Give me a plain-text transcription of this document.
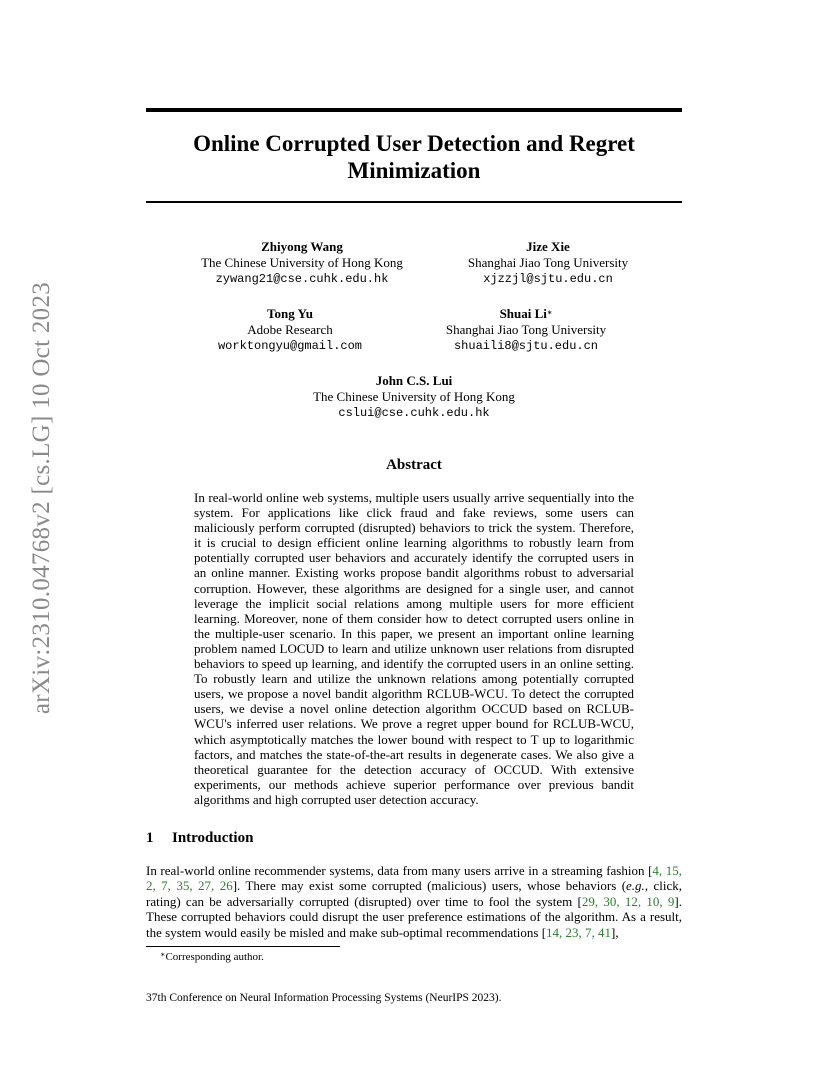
arXiv:2310.04768v2 [cs.LG] 10 Oct 2023
Online Corrupted User Detection and Regret Minimization
Zhiyong Wang
The Chinese University of Hong Kong
zywang21@cse.cuhk.edu.hk
Jize Xie
Shanghai Jiao Tong University
xjzzjl@sjtu.edu.cn
Tong Yu
Adobe Research
worktongyu@gmail.com
Shuai Li∗
Shanghai Jiao Tong University
shuaili8@sjtu.edu.cn
John C.S. Lui
The Chinese University of Hong Kong
cslui@cse.cuhk.edu.hk
Abstract
In real-world online web systems, multiple users usually arrive sequentially into the system. For applications like click fraud and fake reviews, some users can maliciously perform corrupted (disrupted) behaviors to trick the system. Therefore, it is crucial to design efficient online learning algorithms to robustly learn from potentially corrupted user behaviors and accurately identify the corrupted users in an online manner. Existing works propose bandit algorithms robust to adversarial corruption. However, these algorithms are designed for a single user, and cannot leverage the implicit social relations among multiple users for more efficient learning. Moreover, none of them consider how to detect corrupted users online in the multiple-user scenario. In this paper, we present an important online learning problem named LOCUD to learn and utilize unknown user relations from disrupted behaviors to speed up learning, and identify the corrupted users in an online setting. To robustly learn and utilize the unknown relations among potentially corrupted users, we propose a novel bandit algorithm RCLUB-WCU. To detect the corrupted users, we devise a novel online detection algorithm OCCUD based on RCLUB-WCU's inferred user relations. We prove a regret upper bound for RCLUB-WCU, which asymptotically matches the lower bound with respect to T up to logarithmic factors, and matches the state-of-the-art results in degenerate cases. We also give a theoretical guarantee for the detection accuracy of OCCUD. With extensive experiments, our methods achieve superior performance over previous bandit algorithms and high corrupted user detection accuracy.
1 Introduction
In real-world online recommender systems, data from many users arrive in a streaming fashion [4, 15, 2, 7, 35, 27, 26]. There may exist some corrupted (malicious) users, whose behaviors (e.g., click, rating) can be adversarially corrupted (disrupted) over time to fool the system [29, 30, 12, 10, 9]. These corrupted behaviors could disrupt the user preference estimations of the algorithm. As a result, the system would easily be misled and make sub-optimal recommendations [14, 23, 7, 41],
∗Corresponding author.
37th Conference on Neural Information Processing Systems (NeurIPS 2023).
